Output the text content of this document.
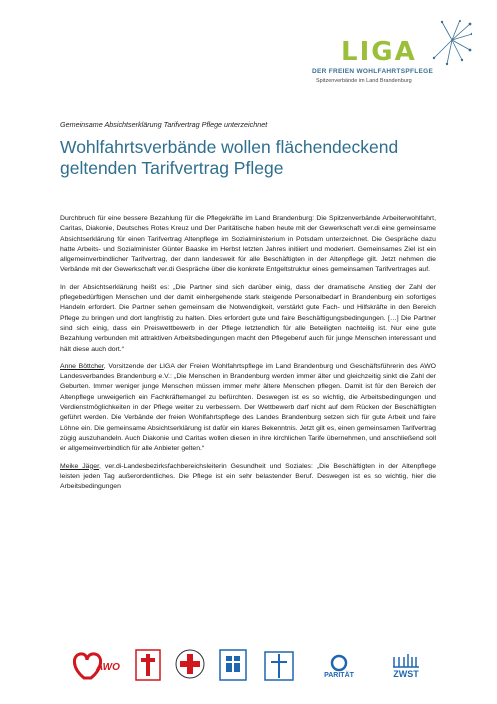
LIGA
DER FREIEN WOHLFAHRTSPFLEGE
Spitzenverbände im Land Brandenburg
Gemeinsame Absichtserklärung Tarifvertrag Pflege unterzeichnet
Wohlfahrtsverbände wollen flächendeckend geltenden Tarifvertrag Pflege

Durchbruch für eine bessere Bezahlung für die Pflegekräfte im Land Brandenburg: Die Spitzenverbände Arbeiterwohlfahrt, Caritas, Diakonie, Deutsches Rotes Kreuz und Der Paritätische haben heute mit der Gewerkschaft ver.di eine gemeinsame Absichtserklärung für einen Tarifvertrag Altenpflege im Sozialministerium in Potsdam unterzeichnet. Die Gespräche dazu hatte Arbeits- und Sozialminister Günter Baaske im Herbst letzten Jahres initiiert und moderiert. Gemeinsames Ziel ist ein allgemeinverbindlicher Tarifvertrag, der dann landesweit für alle Beschäftigten in der Altenpflege gilt. Jetzt nehmen die Verbände mit der Gewerkschaft ver.di Gespräche über die konkrete Entgeltstruktur eines gemeinsamen Tarifvertrages auf.

In der Absichtserklärung heißt es: „Die Partner sind sich darüber einig, dass der dramatische Anstieg der Zahl der pflegebedürftigen Menschen und der damit einhergehende stark steigende Personalbedarf in Brandenburg ein sofortiges Handeln erfordert. Die Partner sehen gemeinsam die Notwendigkeit, verstärkt gute Fach- und Hilfskräfte in den Bereich Pflege zu bringen und dort langfristig zu halten. Dies erfordert gute und faire Beschäftigungsbedingungen. […] Die Partner sind sich einig, dass ein Preiswettbewerb in der Pflege letztendlich für alle Beteiligten nachteilig ist. Nur eine gute Bezahlung verbunden mit attraktiven Arbeitsbedingungen macht den Pflegeberuf auch für junge Menschen interessant und hält diese auch dort.“

Anne Böttcher, Vorsitzende der LIGA der Freien Wohlfahrtspflege im Land Brandenburg und Geschäftsführerin des AWO Landesverbandes Brandenburg e.V.: „Die Menschen in Brandenburg werden immer älter und gleichzeitig sinkt die Zahl der Geburten. Immer weniger junge Menschen müssen immer mehr ältere Menschen pflegen. Damit ist für den Bereich der Altenpflege unweigerlich ein Fachkräftemangel zu befürchten. Deswegen ist es so wichtig, die Arbeitsbedingungen und Verdienstmöglichkeiten in der Pflege weiter zu verbessern. Der Wettbewerb darf nicht auf dem Rücken der Beschäftigten geführt werden. Die Verbände der freien Wohlfahrtspflege des Landes Brandenburg setzen sich für gute Arbeit und faire Löhne ein. Die gemeinsame Absichtserklärung ist dafür ein klares Bekenntnis. Jetzt gilt es, einen gemeinsamen Tarifvertrag zügig auszuhandeln. Auch Diakonie und Caritas wollen diesen in ihre kirchlichen Tarife übernehmen, und anschließend soll er allgemeinverbindlich für alle Anbieter gelten.“

Meike Jäger, ver.di-Landesbezirksfachbereichsleiterin Gesundheit und Soziales: „Die Beschäftigten in der Altenpflege leisten jeden Tag außerordentliches. Die Pflege ist ein sehr belastender Beruf. Deswegen ist es so wichtig, hier die Arbeitsbedingungen

AWO
PARITÄT	ZWST
